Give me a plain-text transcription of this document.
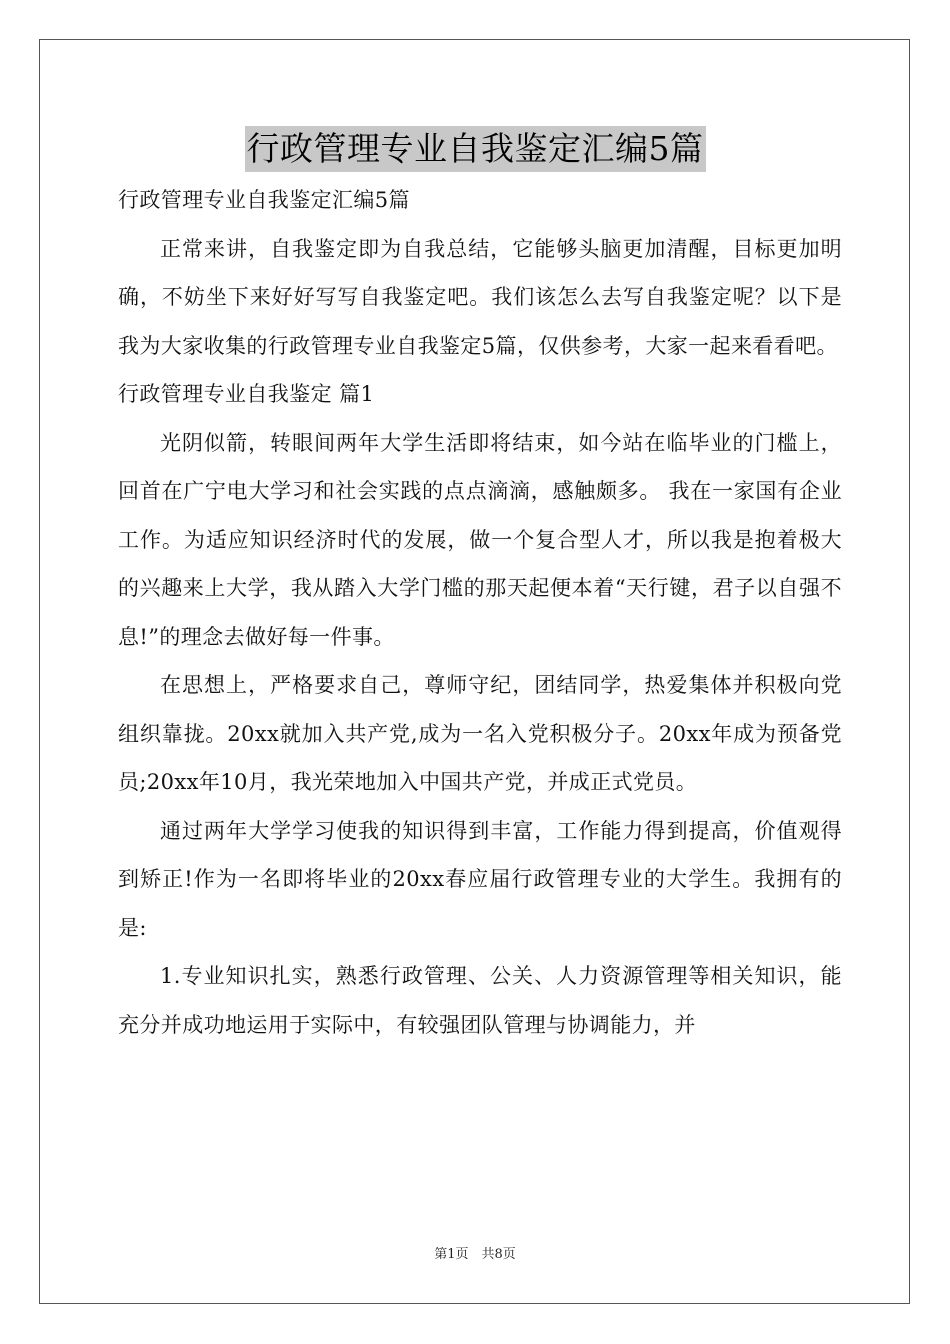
行政管理专业自我鉴定汇编5篇

行政管理专业自我鉴定汇编5篇

正常来讲，自我鉴定即为自我总结，它能够头脑更加清醒，目标更加明确，不妨坐下来好好写写自我鉴定吧。我们该怎么去写自我鉴定呢？以下是我为大家收集的行政管理专业自我鉴定5篇，仅供参考，大家一起来看看吧。

行政管理专业自我鉴定 篇1

光阴似箭，转眼间两年大学生活即将结束，如今站在临毕业的门槛上，回首在广宁电大学习和社会实践的点点滴滴，感触颇多。 我在一家国有企业工作。为适应知识经济时代的发展，做一个复合型人才，所以我是抱着极大的兴趣来上大学，我从踏入大学门槛的那天起便本着“天行键，君子以自强不息!”的理念去做好每一件事。

在思想上，严格要求自己，尊师守纪，团结同学，热爱集体并积极向党组织靠拢。20xx就加入共产党,成为一名入党积极分子。20xx年成为预备党员;20xx年10月，我光荣地加入中国共产党，并成正式党员。

通过两年大学学习使我的知识得到丰富，工作能力得到提高，价值观得到矫正!作为一名即将毕业的20xx春应届行政管理专业的大学生。我拥有的是:

1.专业知识扎实，熟悉行政管理、公关、人力资源管理等相关知识，能充分并成功地运用于实际中，有较强团队管理与协调能力，并

第1页　共8页
